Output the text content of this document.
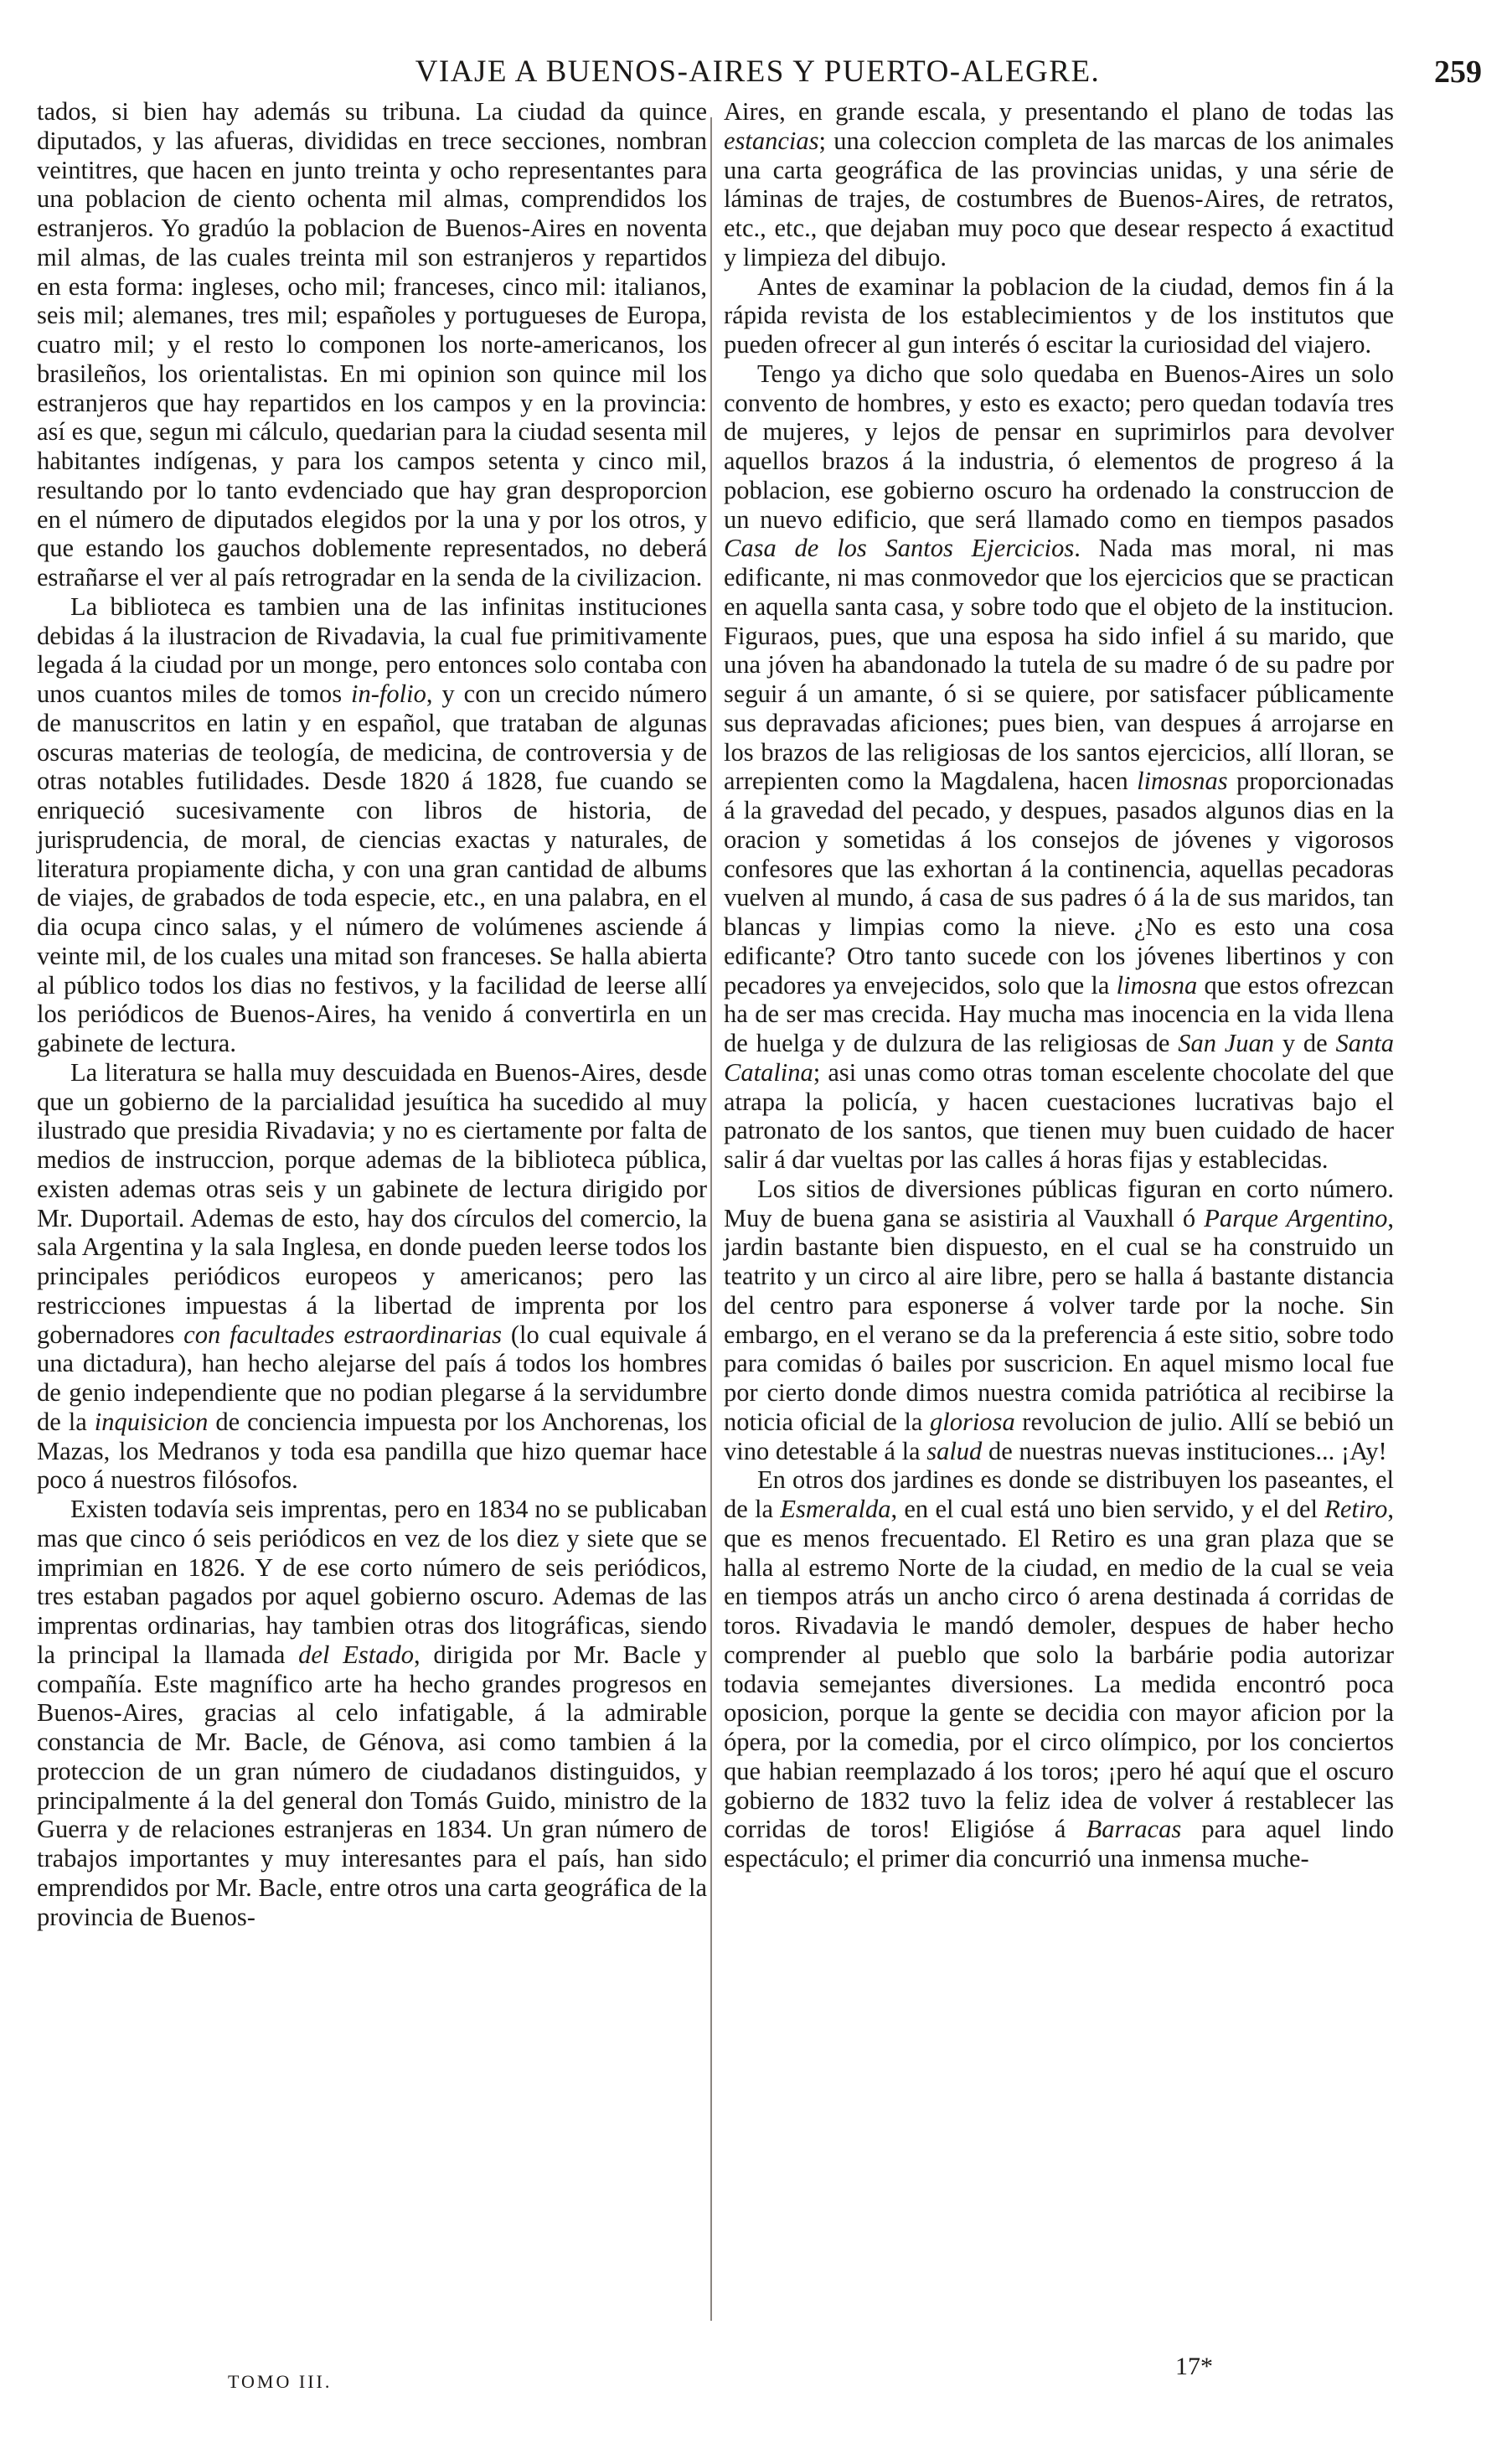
VIAJE A BUENOS-AIRES Y PUERTO-ALEGRE.	259

tados, si bien hay además su tribuna. La ciudad da quince diputados, y las afueras, divididas en trece secciones, nombran veintitres, que hacen en junto treinta y ocho representantes para una poblacion de ciento ochenta mil almas, comprendidos los estranjeros. Yo gradúo la poblacion de Buenos-Aires en noventa mil almas, de las cuales treinta mil son estranjeros y repartidos en esta forma: ingleses, ocho mil; franceses, cinco mil: italianos, seis mil; alemanes, tres mil; españoles y portugueses de Europa, cuatro mil; y el resto lo componen los norte-americanos, los brasileños, los orientalistas. En mi opinion son quince mil los estranjeros que hay repartidos en los campos y en la provincia: así es que, segun mi cálculo, quedarian para la ciudad sesenta mil habitantes indígenas, y para los campos setenta y cinco mil, resultando por lo tanto evdenciado que hay gran desproporcion en el número de diputados elegidos por la una y por los otros, y que estando los gauchos doblemente representados, no deberá estrañarse el ver al país retrogradar en la senda de la civilizacion.

La biblioteca es tambien una de las infinitas instituciones debidas á la ilustracion de Rivadavia, la cual fue primitivamente legada á la ciudad por un monge, pero entonces solo contaba con unos cuantos miles de tomos in-folio, y con un crecido número de manuscritos en latin y en español, que trataban de algunas oscuras materias de teología, de medicina, de controversia y de otras notables futilidades. Desde 1820 á 1828, fue cuando se enriqueció sucesivamente con libros de historia, de jurisprudencia, de moral, de ciencias exactas y naturales, de literatura propiamente dicha, y con una gran cantidad de albums de viajes, de grabados de toda especie, etc., en una palabra, en el dia ocupa cinco salas, y el número de volúmenes asciende á veinte mil, de los cuales una mitad son franceses. Se halla abierta al público todos los dias no festivos, y la facilidad de leerse allí los periódicos de Buenos-Aires, ha venido á convertirla en un gabinete de lectura.

La literatura se halla muy descuidada en Buenos-Aires, desde que un gobierno de la parcialidad jesuítica ha sucedido al muy ilustrado que presidia Rivadavia; y no es ciertamente por falta de medios de instruccion, porque ademas de la biblioteca pública, existen ademas otras seis y un gabinete de lectura dirigido por Mr. Duportail. Ademas de esto, hay dos círculos del comercio, la sala Argentina y la sala Inglesa, en donde pueden leerse todos los principales periódicos europeos y americanos; pero las restricciones impuestas á la libertad de imprenta por los gobernadores con facultades estraordinarias (lo cual equivale á una dictadura), han hecho alejarse del país á todos los hombres de genio independiente que no podian plegarse á la servidumbre de la inquisicion de conciencia impuesta por los Anchorenas, los Mazas, los Medranos y toda esa pandilla que hizo quemar hace poco á nuestros filósofos.

Existen todavía seis imprentas, pero en 1834 no se publicaban mas que cinco ó seis periódicos en vez de los diez y siete que se imprimian en 1826. Y de ese corto número de seis periódicos, tres estaban pagados por aquel gobierno oscuro. Ademas de las imprentas ordinarias, hay tambien otras dos litográficas, siendo la principal la llamada del Estado, dirigida por Mr. Bacle y compañía. Este magnífico arte ha hecho grandes progresos en Buenos-Aires, gracias al celo infatigable, á la admirable constancia de Mr. Bacle, de Génova, asi como tambien á la proteccion de un gran número de ciudadanos distinguidos, y principalmente á la del general don Tomás Guido, ministro de la Guerra y de relaciones estranjeras en 1834. Un gran número de trabajos importantes y muy interesantes para el país, han sido emprendidos por Mr. Bacle, entre otros una carta geográfica de la provincia de Buenos-

Aires, en grande escala, y presentando el plano de todas las estancias; una coleccion completa de las marcas de los animales una carta geográfica de las provincias unidas, y una série de láminas de trajes, de costumbres de Buenos-Aires, de retratos, etc., etc., que dejaban muy poco que desear respecto á exactitud y limpieza del dibujo.

Antes de examinar la poblacion de la ciudad, demos fin á la rápida revista de los establecimientos y de los institutos que pueden ofrecer al gun interés ó escitar la curiosidad del viajero.

Tengo ya dicho que solo quedaba en Buenos-Aires un solo convento de hombres, y esto es exacto; pero quedan todavía tres de mujeres, y lejos de pensar en suprimirlos para devolver aquellos brazos á la industria, ó elementos de progreso á la poblacion, ese gobierno oscuro ha ordenado la construccion de un nuevo edificio, que será llamado como en tiempos pasados Casa de los Santos Ejercicios. Nada mas moral, ni mas edificante, ni mas conmovedor que los ejercicios que se practican en aquella santa casa, y sobre todo que el objeto de la institucion. Figuraos, pues, que una esposa ha sido infiel á su marido, que una jóven ha abandonado la tutela de su madre ó de su padre por seguir á un amante, ó si se quiere, por satisfacer públicamente sus depravadas aficiones; pues bien, van despues á arrojarse en los brazos de las religiosas de los santos ejercicios, allí lloran, se arrepienten como la Magdalena, hacen limosnas proporcionadas á la gravedad del pecado, y despues, pasados algunos dias en la oracion y sometidas á los consejos de jóvenes y vigorosos confesores que las exhortan á la continencia, aquellas pecadoras vuelven al mundo, á casa de sus padres ó á la de sus maridos, tan blancas y limpias como la nieve. ¿No es esto una cosa edificante? Otro tanto sucede con los jóvenes libertinos y con pecadores ya envejecidos, solo que la limosna que estos ofrezcan ha de ser mas crecida. Hay mucha mas inocencia en la vida llena de huelga y de dulzura de las religiosas de San Juan y de Santa Catalina; asi unas como otras toman escelente chocolate del que atrapa la policía, y hacen cuestaciones lucrativas bajo el patronato de los santos, que tienen muy buen cuidado de hacer salir á dar vueltas por las calles á horas fijas y establecidas.

Los sitios de diversiones públicas figuran en corto número. Muy de buena gana se asistiria al Vauxhall ó Parque Argentino, jardin bastante bien dispuesto, en el cual se ha construido un teatrito y un circo al aire libre, pero se halla á bastante distancia del centro para esponerse á volver tarde por la noche. Sin embargo, en el verano se da la preferencia á este sitio, sobre todo para comidas ó bailes por suscricion. En aquel mismo local fue por cierto donde dimos nuestra comida patriótica al recibirse la noticia oficial de la gloriosa revolucion de julio. Allí se bebió un vino detestable á la salud de nuestras nuevas instituciones... ¡Ay!

En otros dos jardines es donde se distribuyen los paseantes, el de la Esmeralda, en el cual está uno bien servido, y el del Retiro, que es menos frecuentado. El Retiro es una gran plaza que se halla al estremo Norte de la ciudad, en medio de la cual se veia en tiempos atrás un ancho circo ó arena destinada á corridas de toros. Rivadavia le mandó demoler, despues de haber hecho comprender al pueblo que solo la barbárie podia autorizar todavia semejantes diversiones. La medida encontró poca oposicion, porque la gente se decidia con mayor aficion por la ópera, por la comedia, por el circo olímpico, por los conciertos que habian reemplazado á los toros; ¡pero hé aquí que el oscuro gobierno de 1832 tuvo la feliz idea de volver á restablecer las corridas de toros! Eligióse á Barracas para aquel lindo espectáculo; el primer dia concurrió una inmensa muche-

TOMO III.
17*
